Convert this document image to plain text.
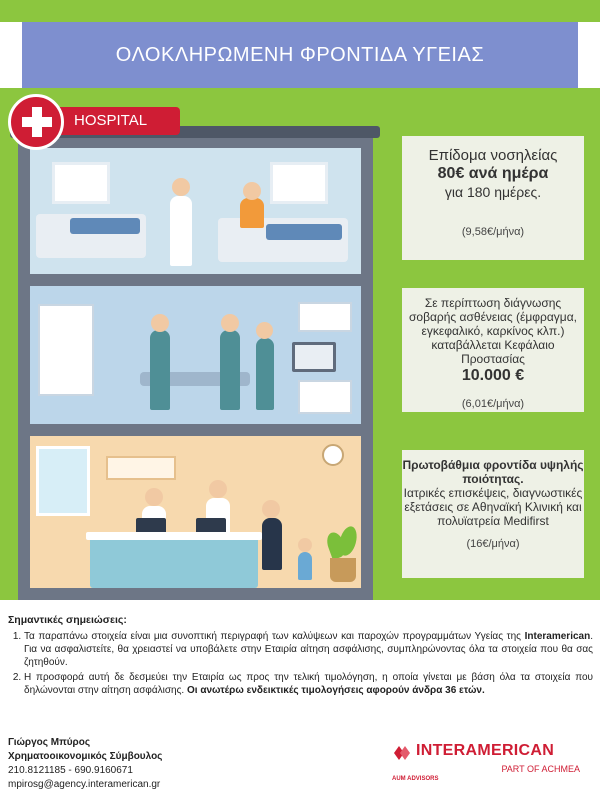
ΟΛΟΚΛΗΡΩΜΕΝΗ ΦΡΟΝΤΙΔΑ ΥΓΕΙΑΣ
HOSPITAL
Επίδομα νοσηλείας
80€ ανά ημέρα
για 180 ημέρες.
(9,58€/μήνα)
Σε περίπτωση διάγνωσης σοβαρής ασθένειας (έμφραγμα, εγκεφαλικό, καρκίνος κλπ.) καταβάλλεται Κεφάλαιο Προστασίας
10.000 €
(6,01€/μήνα)
Πρωτοβάθμια φροντίδα υψηλής ποιότητας.
Ιατρικές επισκέψεις, διαγνωστικές εξετάσεις σε Αθηναϊκή Κλινική και πολυϊατρεία Medifirst
(16€/μήνα)
Σημαντικές σημειώσεις:
1. Τα παραπάνω στοιχεία είναι μια συνοπτική περιγραφή των καλύψεων και παροχών προγραμμάτων Υγείας της Interamerican. Για να ασφαλιστείτε, θα χρειαστεί να υποβάλετε στην Εταιρία αίτηση ασφάλισης, συμπληρώνοντας όλα τα στοιχεία που θα σας ζητηθούν.
2. Η προσφορά αυτή δε δεσμεύει την Εταιρία ως προς την τελική τιμολόγηση, η οποία γίνεται με βάση όλα τα στοιχεία που δηλώνονται στην αίτηση ασφάλισης. Οι ανωτέρω ενδεικτικές τιμολογήσεις αφορούν άνδρα 36 ετών.
Γιώργος Μπύρος
Χρηματοοικονομικός Σύμβουλος
210.8121185 - 690.9160671
mpirosg@agency.interamerican.gr
INTERAMERICAN
PART OF ACHMEA
AUM ADVISORS
